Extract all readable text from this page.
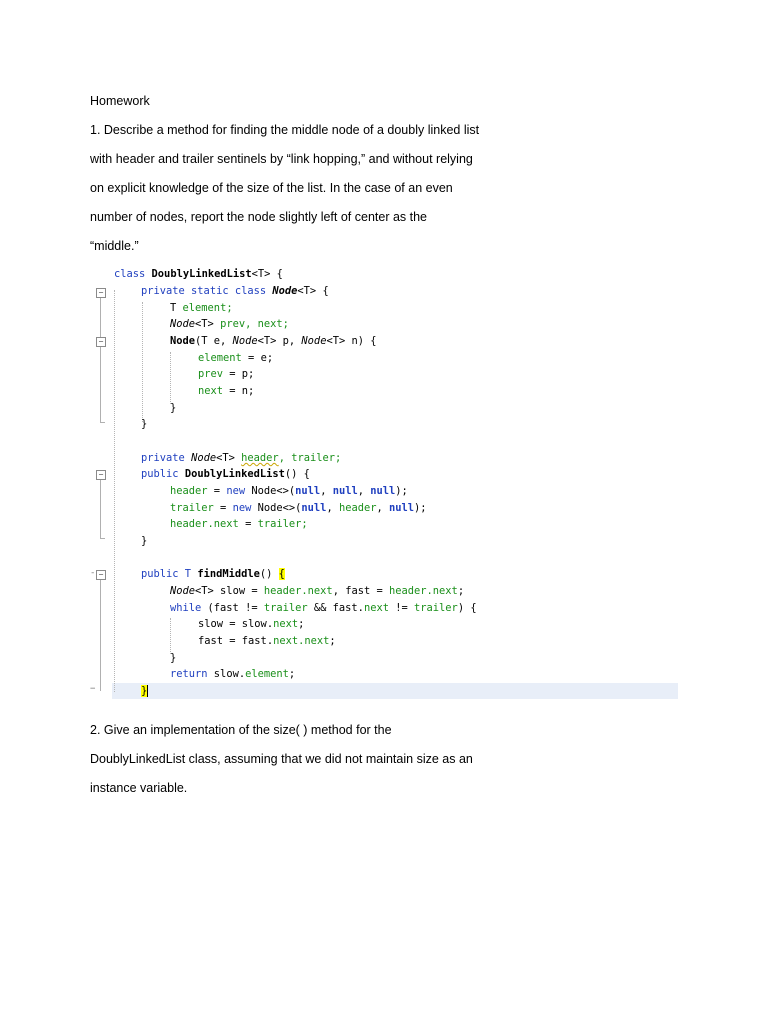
Homework
1. Describe a method for finding the middle node of a doubly linked list
with header and trailer sentinels by “link hopping,” and without relying
on explicit knowledge of the size of the list. In the case of an even
number of nodes, report the node slightly left of center as the
“middle.”
−
−
−
−
-
−
class DoublyLinkedList<T> {
private static class Node<T> {
T element;
Node<T> prev, next;
Node(T e, Node<T> p, Node<T> n) {
element = e;
prev = p;
next = n;
}
}
private Node<T> header, trailer;
public DoublyLinkedList() {
header = new Node<>(null, null, null);
trailer = new Node<>(null, header, null);
header.next = trailer;
}
public T findMiddle() {
Node<T> slow = header.next, fast = header.next;
while (fast != trailer && fast.next != trailer) {
slow = slow.next;
fast = fast.next.next;
}
return slow.element;
}
2. Give an implementation of the size( ) method for the
DoublyLinkedList class, assuming that we did not maintain size as an
instance variable.
